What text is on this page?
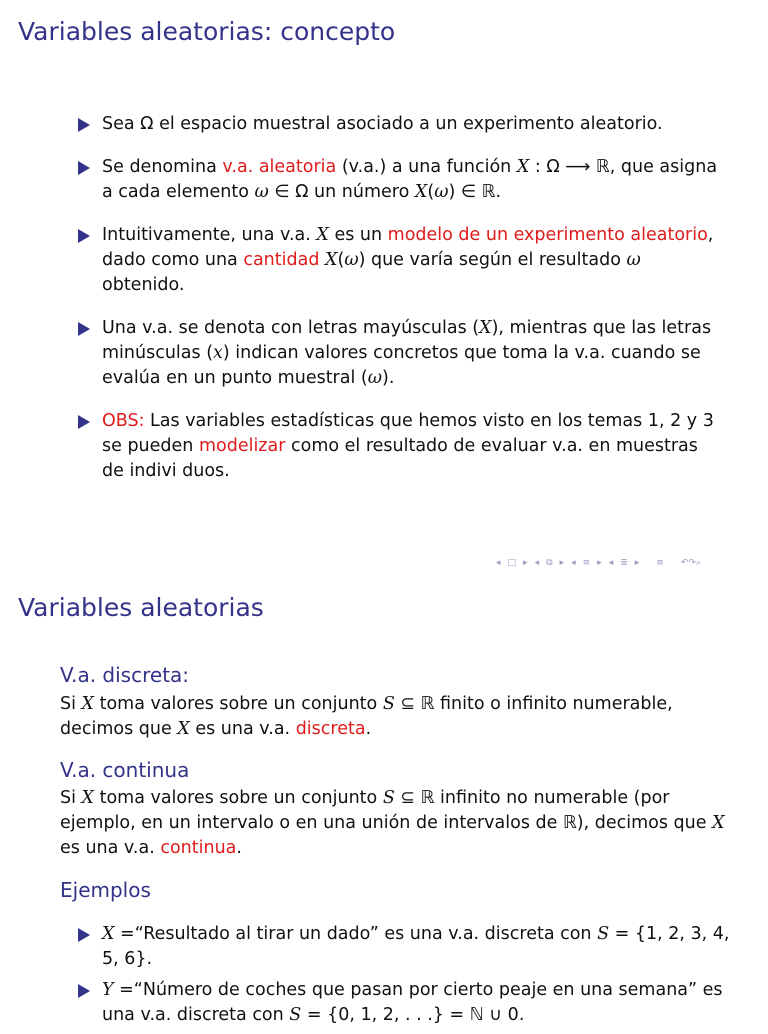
Variables aleatorias: concepto
Sea Ω el espacio muestral asociado a un experimento aleatorio.
Se denomina v.a. aleatoria (v.a.) a una función X : Ω ⟶ ℝ, que asigna a cada elemento ω ∈ Ω un número X(ω) ∈ ℝ.
Intuitivamente, una v.a. X es un modelo de un experimento aleatorio, dado como una cantidad X(ω) que varía según el resultado ω obtenido.
Una v.a. se denota con letras mayúsculas (X), mientras que las letras minúsculas (x) indican valores concretos que toma la v.a. cuando se evalúa en un punto muestral (ω).
OBS: Las variables estadísticas que hemos visto en los temas 1, 2 y 3 se pueden modelizar como el resultado de evaluar v.a. en muestras de indivi duos.
◂ □ ▸ ◂ ⧉ ▸ ◂ ≡ ▸ ◂ ≣ ▸ ≡ ↶↷⌕
Variables aleatorias
V.a. discreta:

Si X toma valores sobre un conjunto S ⊆ ℝ finito o infinito numerable, decimos que X es una v.a. discreta.

V.a. continua

Si X toma valores sobre un conjunto S ⊆ ℝ infinito no numerable (por ejemplo, en un intervalo o en una unión de intervalos de ℝ), decimos que X es una v.a. continua.

Ejemplos
X =“Resultado al tirar un dado” es una v.a. discreta con S = {1, 2, 3, 4, 5, 6}.
Y =“Número de coches que pasan por cierto peaje en una semana” es una v.a. discreta con S = {0, 1, 2, . . .} = ℕ ∪ 0.
